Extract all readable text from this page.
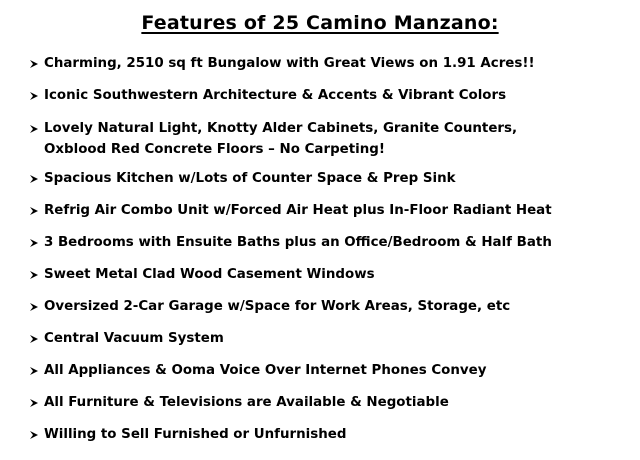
Features of 25 Camino Manzano:
Charming, 2510 sq ft Bungalow with Great Views on 1.91 Acres!!
Iconic Southwestern Architecture & Accents & Vibrant Colors
Lovely Natural Light, Knotty Alder Cabinets, Granite Counters,
Oxblood Red Concrete Floors – No Carpeting!
Spacious Kitchen w/Lots of Counter Space & Prep Sink
Refrig Air Combo Unit w/Forced Air Heat plus In-Floor Radiant Heat
3 Bedrooms with Ensuite Baths plus an Office/Bedroom & Half Bath
Sweet Metal Clad Wood Casement Windows
Oversized 2-Car Garage w/Space for Work Areas, Storage, etc
Central Vacuum System
All Appliances & Ooma Voice Over Internet Phones Convey
All Furniture & Televisions are Available & Negotiable
Willing to Sell Furnished or Unfurnished
